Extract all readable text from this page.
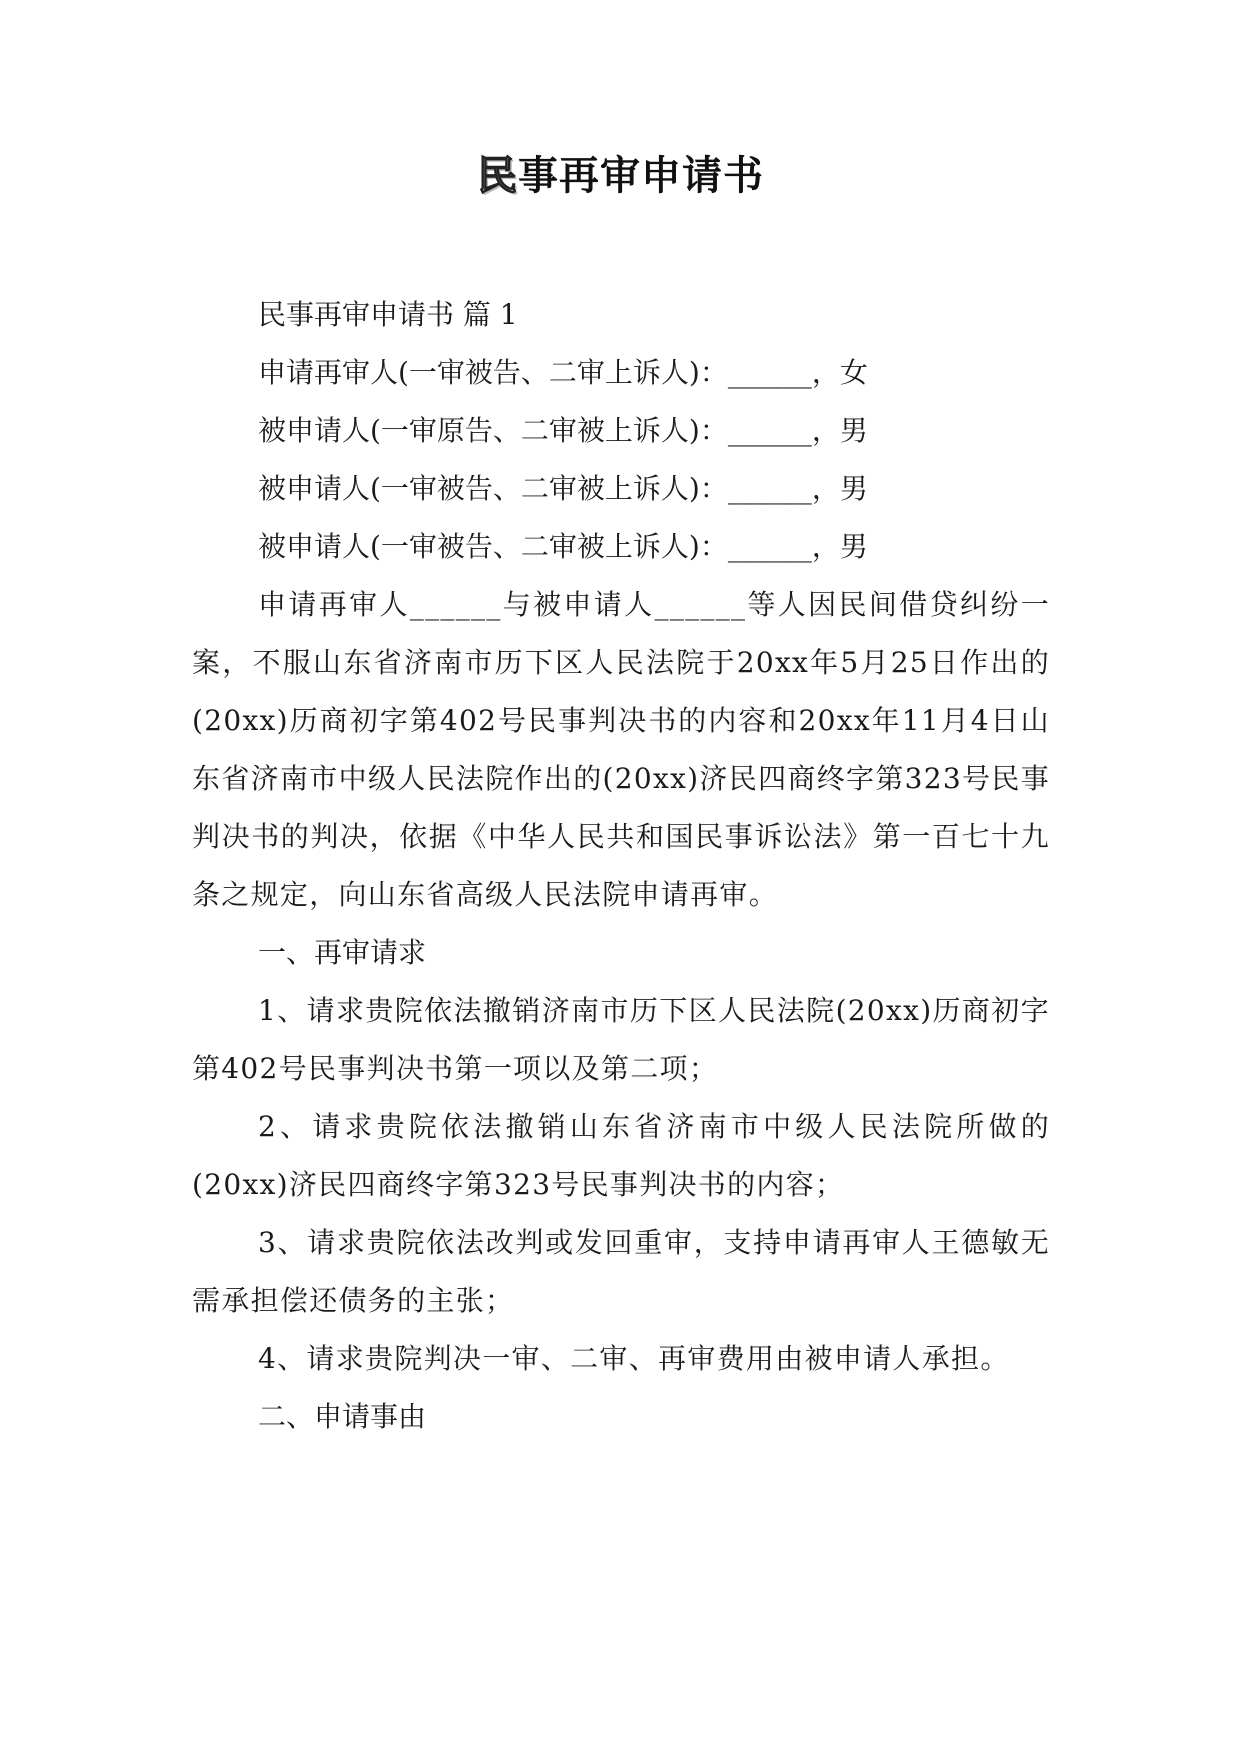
民事再审申请书

民事再审申请书 篇 1

申请再审人(一审被告、二审上诉人)：______，女

被申请人(一审原告、二审被上诉人)：______，男

被申请人(一审被告、二审被上诉人)：______，男

被申请人(一审被告、二审被上诉人)：______，男

申请再审人______与被申请人______等人因民间借贷纠纷一案，不服山东省济南市历下区人民法院于20xx年5月25日作出的(20xx)历商初字第402号民事判决书的内容和20xx年11月4日山东省济南市中级人民法院作出的(20xx)济民四商终字第323号民事判决书的判决，依据《中华人民共和国民事诉讼法》第一百七十九条之规定，向山东省高级人民法院申请再审。

一、再审请求

1、请求贵院依法撤销济南市历下区人民法院(20xx)历商初字第402号民事判决书第一项以及第二项；

2、请求贵院依法撤销山东省济南市中级人民法院所做的(20xx)济民四商终字第323号民事判决书的内容；

3、请求贵院依法改判或发回重审，支持申请再审人王德敏无需承担偿还债务的主张；

4、请求贵院判决一审、二审、再审费用由被申请人承担。

二、申请事由
